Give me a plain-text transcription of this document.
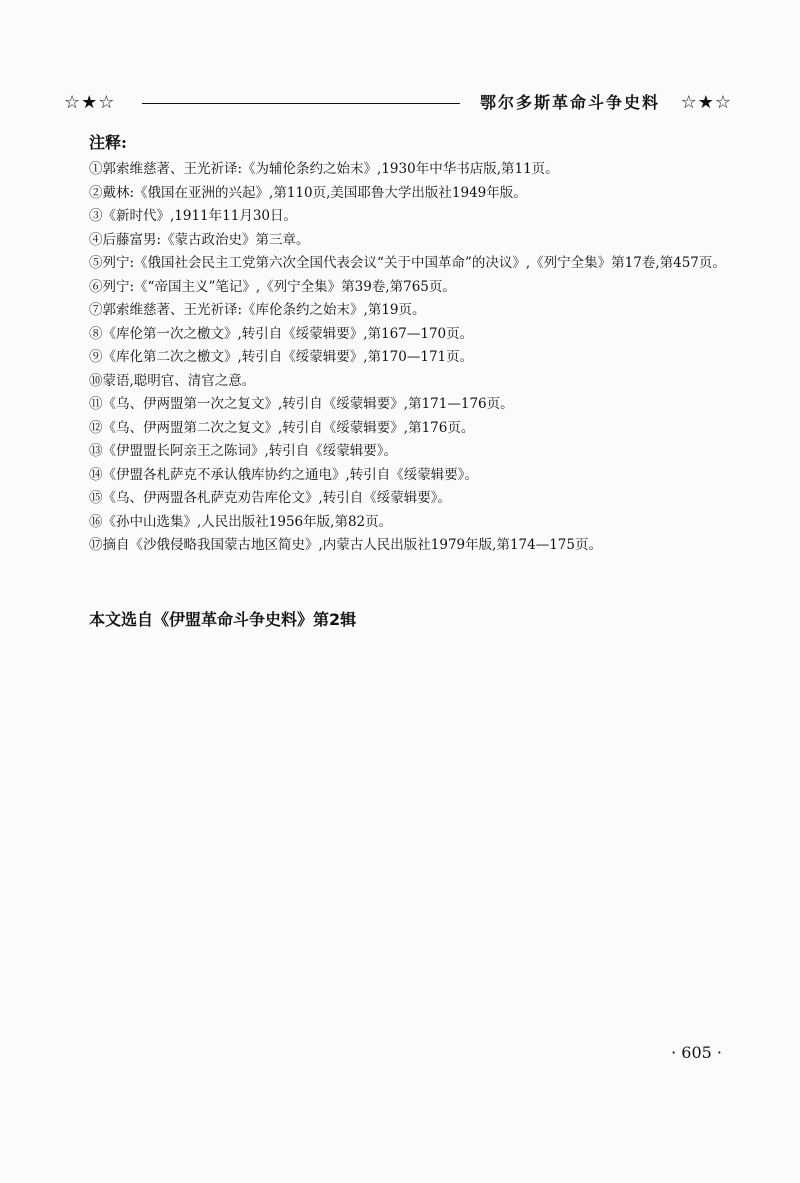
☆★☆	鄂尔多斯革命斗争史料 ☆★☆
注释:
①郭索维慈著、王光祈译:《为辅伦条约之始末》,1930年中华书店版,第11页。
②戴林:《俄国在亚洲的兴起》,第110页,美国耶鲁大学出版社1949年版。
③《新时代》,1911年11月30日。
④后藤富男:《蒙古政治史》第三章。
⑤列宁:《俄国社会民主工党第六次全国代表会议“关于中国革命”的决议》,《列宁全集》第17卷,第457页。
⑥列宁:《“帝国主义”笔记》,《列宁全集》第39卷,第765页。
⑦郭索维慈著、王光祈译:《库伦条约之始末》,第19页。
⑧《库伦第一次之檄文》,转引自《绥蒙辑要》,第167—170页。
⑨《库化第二次之檄文》,转引自《绥蒙辑要》,第170—171页。
⑩蒙语,聪明官、清官之意。
⑪《乌、伊两盟第一次之复文》,转引自《绥蒙辑要》,第171—176页。
⑫《乌、伊两盟第二次之复文》,转引自《绥蒙辑要》,第176页。
⑬《伊盟盟长阿亲王之陈词》,转引自《绥蒙辑要》。
⑭《伊盟各札萨克不承认俄库协约之通电》,转引自《绥蒙辑要》。
⑮《乌、伊两盟各札萨克劝告库伦文》,转引自《绥蒙辑要》。
⑯《孙中山选集》,人民出版社1956年版,第82页。
⑰摘自《沙俄侵略我国蒙古地区简史》,内蒙古人民出版社1979年版,第174—175页。
本文选自《伊盟革命斗争史料》第2辑
· 605 ·
